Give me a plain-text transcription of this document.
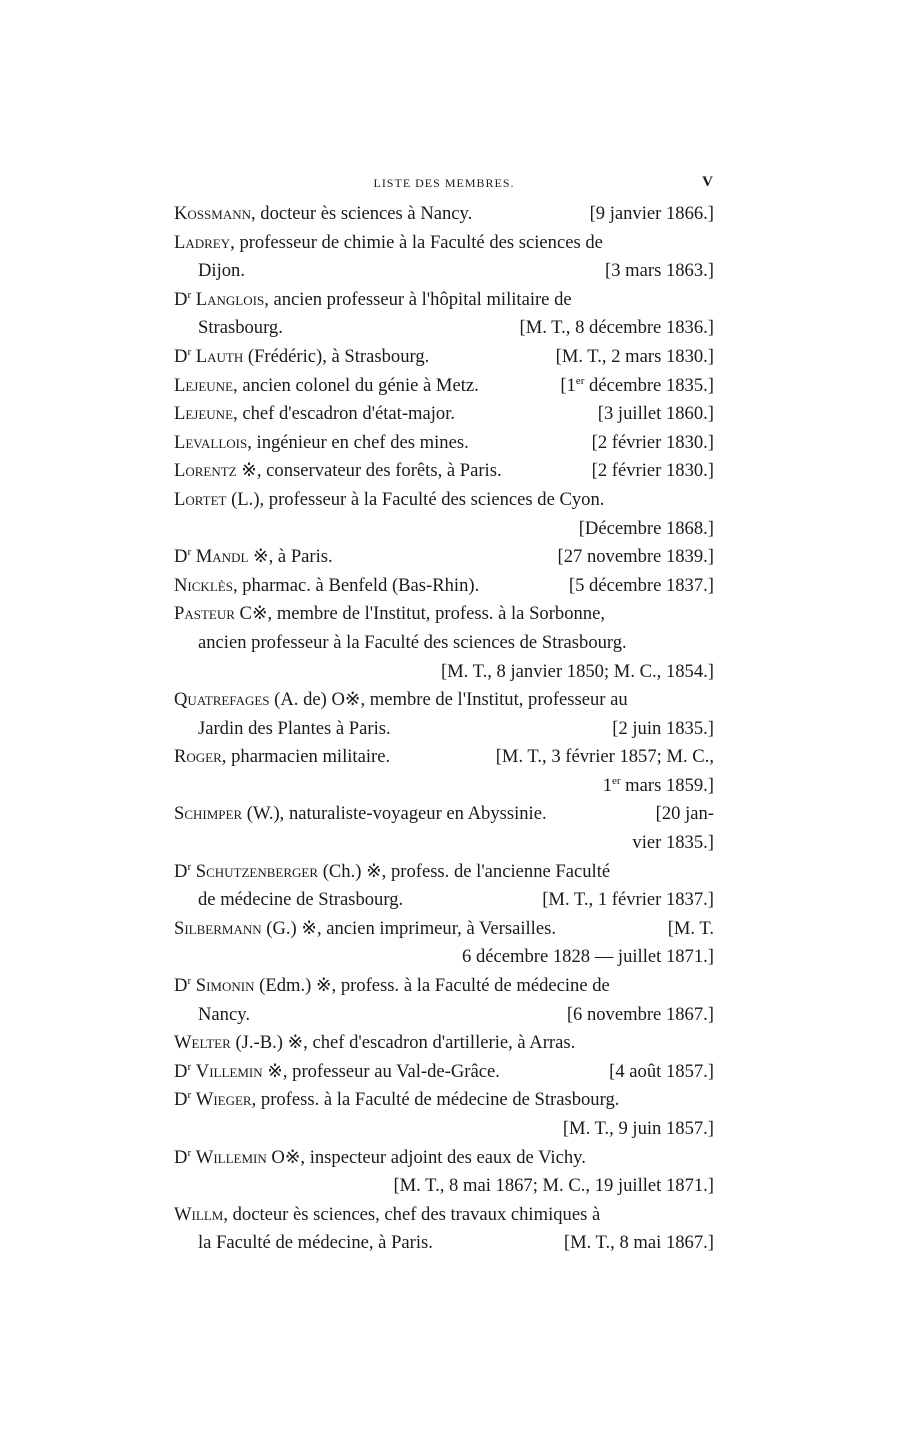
LISTE DES MEMBRES.	V
Kossmann, docteur ès sciences à Nancy.	[9 janvier 1866.]
Ladrey, professeur de chimie à la Faculté des sciences de
Dijon.	[3 mars 1863.]
$D^r$ Langlois, ancien professeur à l'hôpital militaire de
Strasbourg.	[M. T., 8 décembre 1836.]
$D^r$ Lauth (Frédéric), à Strasbourg.	[M. T., 2 mars 1830.]
Lejeune, ancien colonel du génie à Metz.	[1er décembre 1835.]
Lejeune, chef d'escadron d'état-major.	[3 juillet 1860.]
Levallois, ingénieur en chef des mines.	[2 février 1830.]
Lorentz ※, conservateur des forêts, à Paris.	[2 février 1830.]
Lortet (L.), professeur à la Faculté des sciences de Cyon.
[Décembre 1868.]
$D^r$ Mandl ※, à Paris.	[27 novembre 1839.]
Nicklès, pharmac. à Benfeld (Bas-Rhin).	[5 décembre 1837.]
Pasteur C※, membre de l'Institut, profess. à la Sorbonne,
ancien professeur à la Faculté des sciences de Strasbourg.
[M. T., 8 janvier 1850; M. C., 1854.]
Quatrefages (A. de) O※, membre de l'Institut, professeur au
Jardin des Plantes à Paris.	[2 juin 1835.]
Roger, pharmacien militaire.	[M. T., 3 février 1857; M. C.,
1er mars 1859.]
Schimper (W.), naturaliste-voyageur en Abyssinie.	[20 jan-
vier 1835.]
$D^r$ Schutzenberger (Ch.) ※, profess. de l'ancienne Faculté
de médecine de Strasbourg.	[M. T., 1 février 1837.]
Silbermann (G.) ※, ancien imprimeur, à Versailles.	[M. T.
6 décembre 1828 — juillet 1871.]
$D^r$ Simonin (Edm.) ※, profess. à la Faculté de médecine de
Nancy.	[6 novembre 1867.]
Welter (J.-B.) ※, chef d'escadron d'artillerie, à Arras.
$D^r$ Villemin ※, professeur au Val-de-Grâce.	[4 août 1857.]
$D^r$ Wieger, profess. à la Faculté de médecine de Strasbourg.
[M. T., 9 juin 1857.]
$D^r$ Willemin O※, inspecteur adjoint des eaux de Vichy.
[M. T., 8 mai 1867; M. C., 19 juillet 1871.]
Willm, docteur ès sciences, chef des travaux chimiques à
la Faculté de médecine, à Paris.	[M. T., 8 mai 1867.]
